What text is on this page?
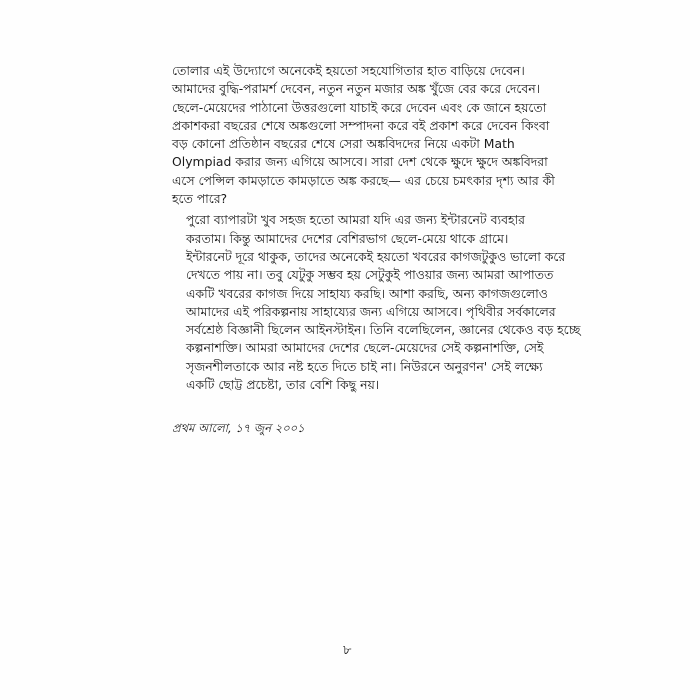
তোলার এই উদ্যোগে অনেকেই হয়তো সহযোগিতার হাত বাড়িয়ে দেবেন।
আমাদের বুদ্ধি-পরামর্শ দেবেন, নতুন নতুন মজার অঙ্ক খুঁজে বের করে দেবেন।
ছেলে-মেয়েদের পাঠানো উত্তরগুলো যাচাই করে দেবেন এবং কে জানে হয়তো
প্রকাশকরা বছরের শেষে অঙ্কগুলো সম্পাদনা করে বই প্রকাশ করে দেবেন কিংবা
বড় কোনো প্রতিষ্ঠান বছরের শেষে সেরা অঙ্কবিদদের নিয়ে একটা Math
Olympiad করার জন্য এগিয়ে আসবে। সারা দেশ থেকে ক্ষুদে ক্ষুদে অঙ্কবিদরা
এসে পেন্সিল কামড়াতে কামড়াতে অঙ্ক করছে— এর চেয়ে চমৎকার দৃশ্য আর কী
হতে পারে?

পুরো ব্যাপারটা খুব সহজ হতো আমরা যদি এর জন্য ইন্টারনেট ব্যবহার
করতাম। কিন্তু আমাদের দেশের বেশিরভাগ ছেলে-মেয়ে থাকে গ্রামে।
ইন্টারনেট দূরে থাকুক, তাদের অনেকেই হয়তো খবরের কাগজটুকুও ভালো করে
দেখতে পায় না। তবু যেটুকু সম্ভব হয় সেটুকুই পাওয়ার জন্য আমরা আপাতত
একটি খবরের কাগজ দিয়ে সাহায্য করছি। আশা করছি, অন্য কাগজগুলোও
আমাদের এই পরিকল্পনায় সাহায্যের জন্য এগিয়ে আসবে। পৃথিবীর সর্বকালের
সর্বশ্রেষ্ঠ বিজ্ঞানী ছিলেন আইনস্টাইন। তিনি বলেছিলেন, জ্ঞানের থেকেও বড় হচ্ছে
কল্পনাশক্তি। আমরা আমাদের দেশের ছেলে-মেয়েদের সেই কল্পনাশক্তি, সেই
সৃজনশীলতাকে আর নষ্ট হতে দিতে চাই না। নিউরনে অনুরণন' সেই লক্ষ্যে
একটি ছোট্ট প্রচেষ্টা, তার বেশি কিছু নয়।

প্রথম আলো, ১৭ জুন ২০০১
৮
